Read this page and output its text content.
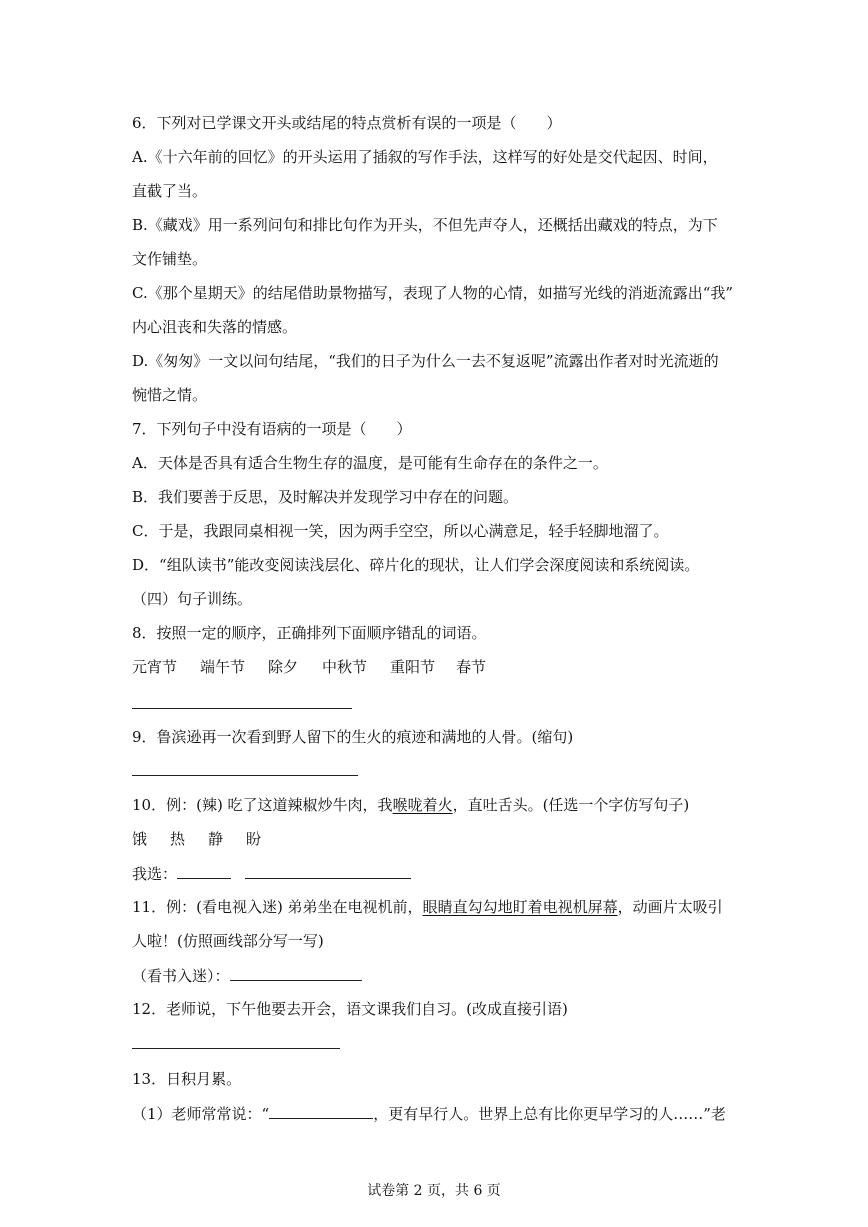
6．下列对已学课文开头或结尾的特点赏析有误的一项是（　　）
A.《十六年前的回忆》的开头运用了插叙的写作手法，这样写的好处是交代起因、时间，
直截了当。
B.《藏戏》用一系列问句和排比句作为开头，不但先声夺人，还概括出藏戏的特点，为下
文作铺垫。
C.《那个星期天》的结尾借助景物描写，表现了人物的心情，如描写光线的消逝流露出“我”
内心沮丧和失落的情感。
D.《匆匆》一文以问句结尾，“我们的日子为什么一去不复返呢”流露出作者对时光流逝的
惋惜之情。
7．下列句子中没有语病的一项是（　　）
A．天体是否具有适合生物生存的温度，是可能有生命存在的条件之一。
B．我们要善于反思，及时解决并发现学习中存在的问题。
C．于是，我跟同桌相视一笑，因为两手空空，所以心满意足，轻手轻脚地溜了。
D．“组队读书”能改变阅读浅层化、碎片化的现状，让人们学会深度阅读和系统阅读。
（四）句子训练。
8．按照一定的顺序，正确排列下面顺序错乱的词语。
元宵节 端午节 除夕 中秋节 重阳节 春节
9．鲁滨逊再一次看到野人留下的生火的痕迹和满地的人骨。(缩句)
10．例：(辣) 吃了这道辣椒炒牛肉，我喉咙着火，直吐舌头。(任选一个字仿写句子)
饿 热 静 盼
我选：
11．例：(看电视入迷) 弟弟坐在电视机前，眼睛直勾勾地盯着电视机屏幕，动画片太吸引
人啦！(仿照画线部分写一写)
（看书入迷）：
12．老师说，下午他要去开会，语文课我们自习。(改成直接引语)
13．日积月累。
（1）老师常常说：“	，更有早行人。世界上总有比你更早学习的人……”老
试卷第 2 页，共 6 页
